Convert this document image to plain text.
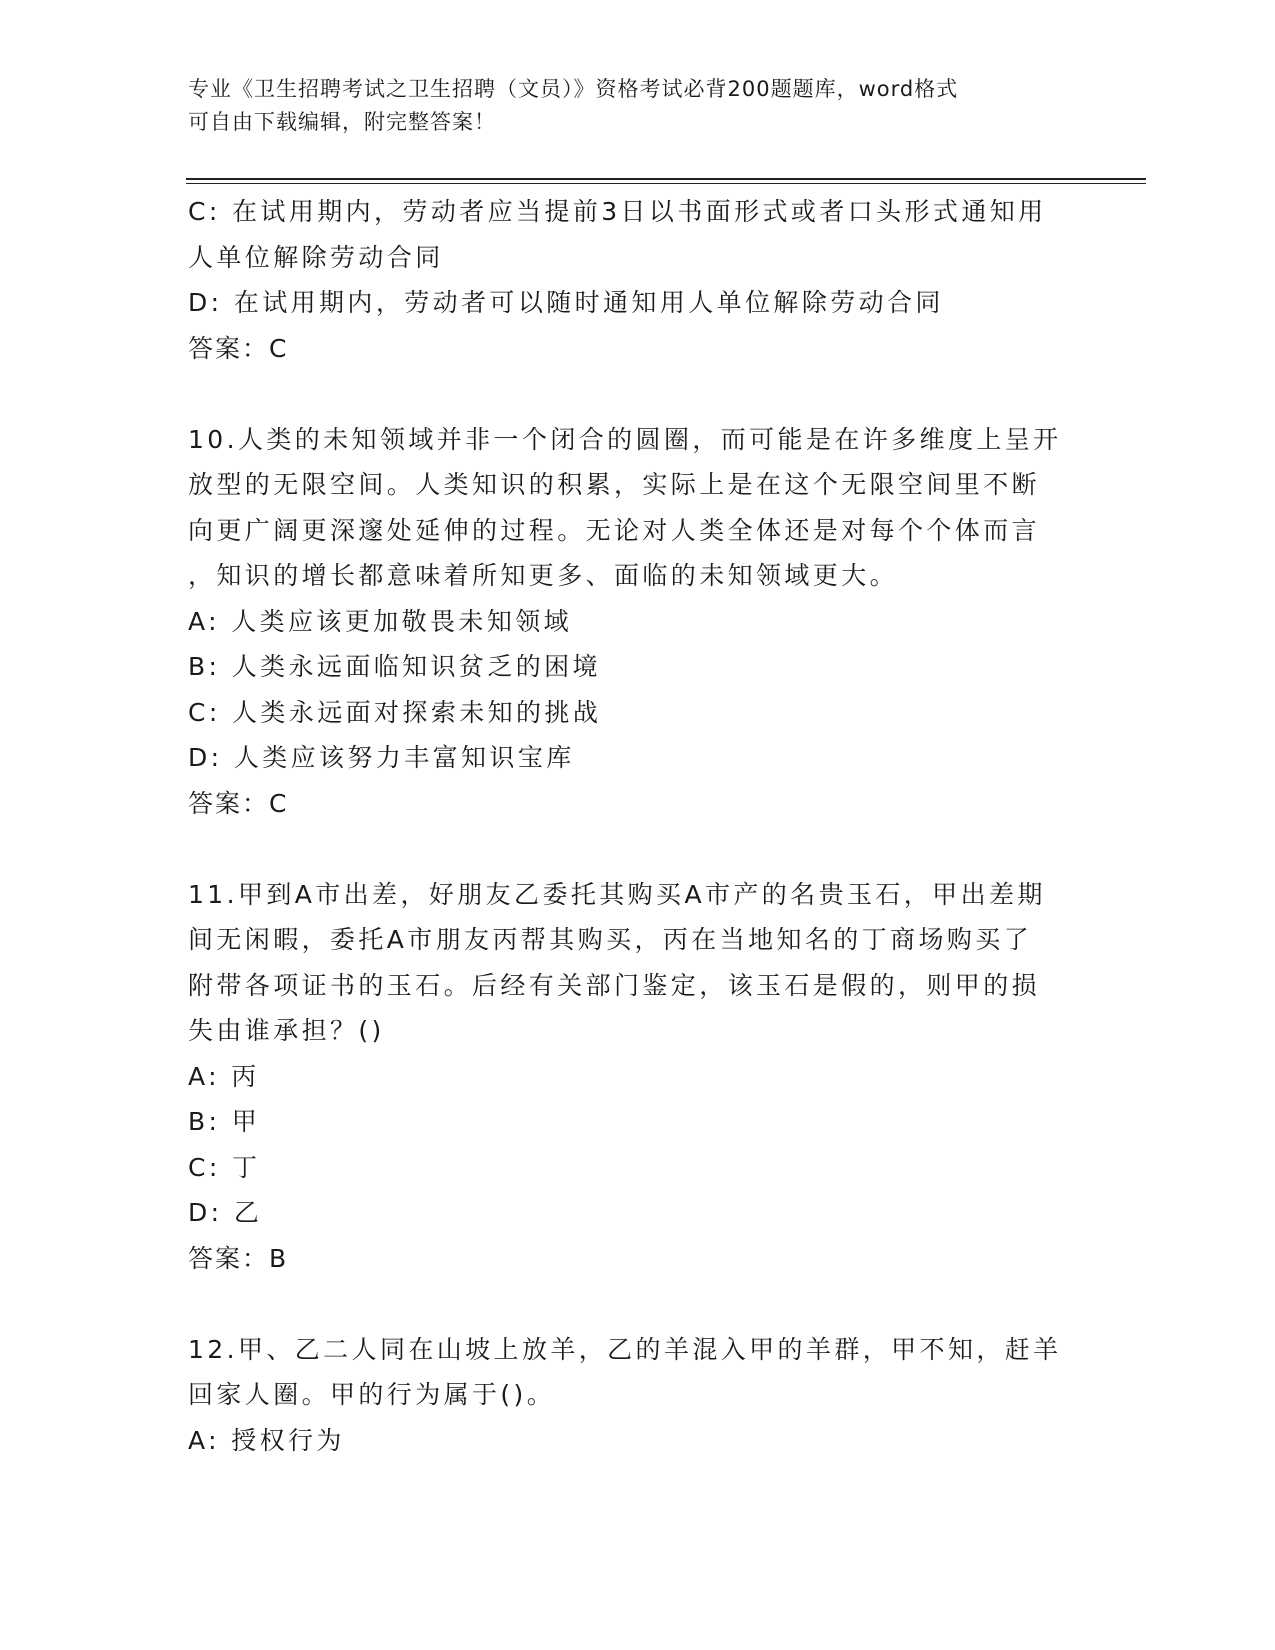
专业《卫生招聘考试之卫生招聘（文员）》资格考试必背200题题库，word格式
可自由下载编辑，附完整答案！
C: 在试用期内，劳动者应当提前3日以书面形式或者口头形式通知用
人单位解除劳动合同
D: 在试用期内，劳动者可以随时通知用人单位解除劳动合同
答案：C
10.人类的未知领域并非一个闭合的圆圈，而可能是在许多维度上呈开
放型的无限空间。人类知识的积累，实际上是在这个无限空间里不断
向更广阔更深邃处延伸的过程。无论对人类全体还是对每个个体而言
，知识的增长都意味着所知更多、面临的未知领域更大。
A: 人类应该更加敬畏未知领域
B: 人类永远面临知识贫乏的困境
C: 人类永远面对探索未知的挑战
D: 人类应该努力丰富知识宝库
答案：C
11.甲到A市出差，好朋友乙委托其购买A市产的名贵玉石，甲出差期
间无闲暇，委托A市朋友丙帮其购买，丙在当地知名的丁商场购买了
附带各项证书的玉石。后经有关部门鉴定，该玉石是假的，则甲的损
失由谁承担？()
A: 丙
B: 甲
C: 丁
D: 乙
答案：B
12.甲、乙二人同在山坡上放羊，乙的羊混入甲的羊群，甲不知，赶羊
回家人圈。甲的行为属于()。
A: 授权行为
